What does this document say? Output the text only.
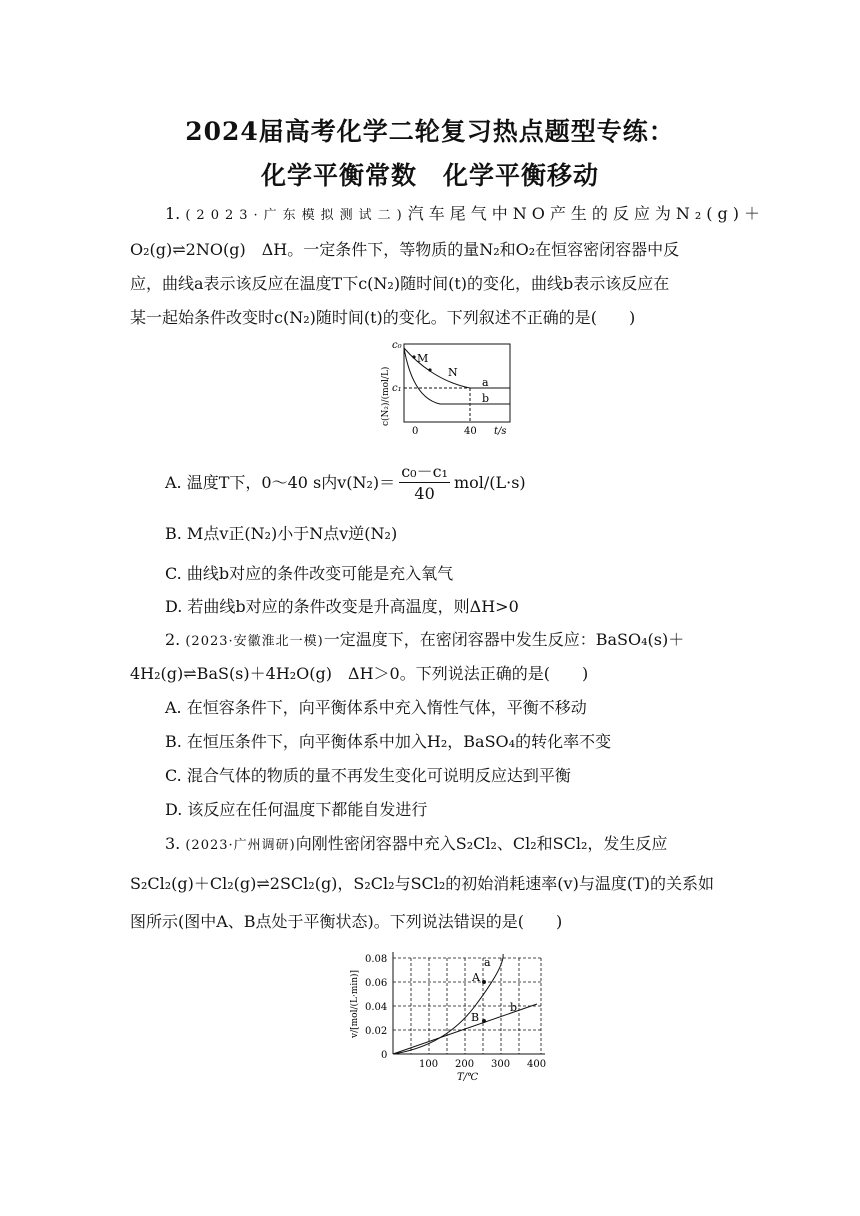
2024届高考化学二轮复习热点题型专练：
化学平衡常数　化学平衡移动
1. (2023·广东模拟测试二)汽车尾气中NO产生的反应为N₂(g)＋
O₂(g)⇌2NO(g)　ΔH。一定条件下，等物质的量N₂和O₂在恒容密闭容器中反
应，曲线a表示该反应在温度T下c(N₂)随时间(t)的变化，曲线b表示该反应在
某一起始条件改变时c(N₂)随时间(t)的变化。下列叙述不正确的是(　　)
M
N
a
b
c₀
c₁
0	40 t/s
c(N₂)/(mol/L)
A. 温度T下，0～40 s内$v(N_2)= \frac{\text{c₀－c₁}}{40} mol/(L\cdot s)$
B. M点v正(N₂)小于N点v逆(N₂)
C. 曲线b对应的条件改变可能是充入氧气
D. 若曲线b对应的条件改变是升高温度，则ΔH>0
2. (2023·安徽淮北一模)一定温度下，在密闭容器中发生反应：BaSO₄(s)＋
4H₂(g)⇌BaS(s)＋4H₂O(g)　ΔH＞0。下列说法正确的是(　　)
A. 在恒容条件下，向平衡体系中充入惰性气体，平衡不移动
B. 在恒压条件下，向平衡体系中加入H₂，BaSO₄的转化率不变
C. 混合气体的物质的量不再发生变化可说明反应达到平衡
D. 该反应在任何温度下都能自发进行
3. (2023·广州调研)向刚性密闭容器中充入S₂Cl₂、Cl₂和SCl₂，发生反应
S₂Cl₂(g)＋Cl₂(g)⇌2SCl₂(g)，S₂Cl₂与SCl₂的初始消耗速率(v)与温度(T)的关系如
图所示(图中A、B点处于平衡状态)。下列说法错误的是(　　)
A
B
a
b
0
0.02
0.04
0.06
0.08
100 200 300 400
T/℃
v/[mol/(L·min)]
